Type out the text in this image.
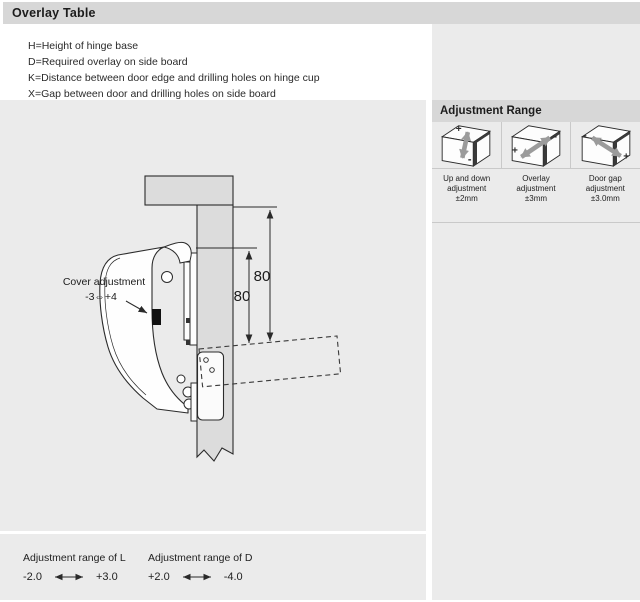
Overlay Table
H=Height of hinge base
D=Required overlay on side board
K=Distance between door edge and drilling holes on hinge cup
X=Gap between door and drilling holes on side board
80
80
Cover adjustment
-3⇔+4
Adjustment range of L
-2.0	+3.0
Adjustment range of D
+2.0	-4.0
Adjustment Range
+
-
+
- -
+
Up and down
adjustment
±2mm
Overlay
adjustment
±3mm
Door gap
adjustment
±3.0mm
